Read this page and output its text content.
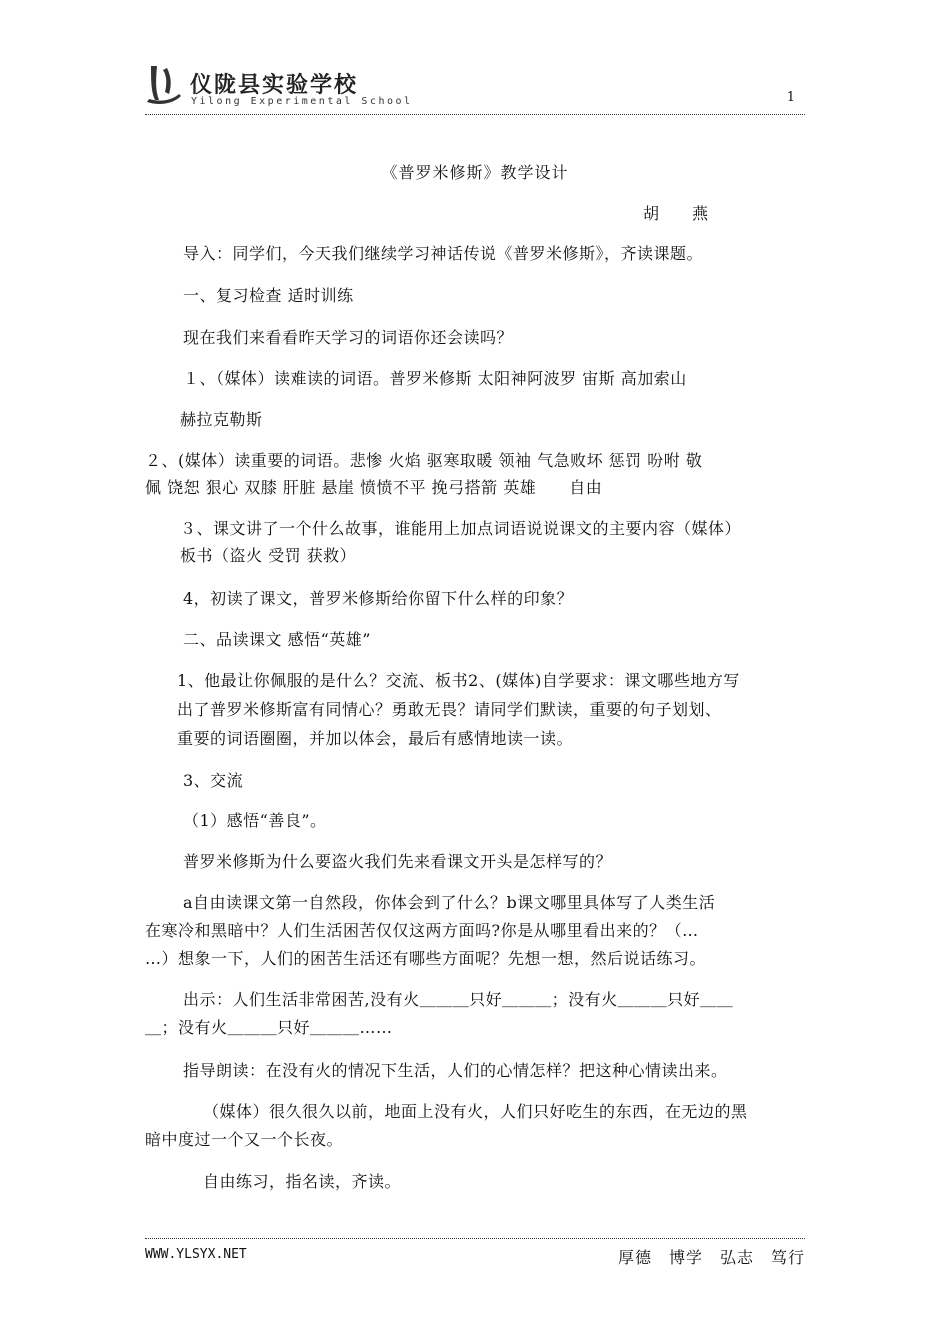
仪陇县实验学校
Yilong Experimental School	1
《普罗米修斯》教学设计
胡 燕
导入：同学们，今天我们继续学习神话传说《普罗米修斯》，齐读课题。
一、复习检查 适时训练
现在我们来看看昨天学习的词语你还会读吗？
１、（媒体）读难读的词语。普罗米修斯 太阳神阿波罗 宙斯 高加索山
赫拉克勒斯
２、(媒体）读重要的词语。悲惨 火焰 驱寒取暖 领袖 气急败坏 惩罚 吩咐 敬
佩 饶恕 狠心 双膝 肝脏 悬崖 愤愤不平 挽弓搭箭 英雄　　自由
３、课文讲了一个什么故事，谁能用上加点词语说说课文的主要内容（媒体）
板书（盗火 受罚 获救）
4，初读了课文，普罗米修斯给你留下什么样的印象？
二、品读课文 感悟“英雄”
1、他最让你佩服的是什么？交流、板书2、(媒体)自学要求：课文哪些地方写
出了普罗米修斯富有同情心？勇敢无畏？请同学们默读，重要的句子划划、
重要的词语圈圈，并加以体会，最后有感情地读一读。
3、交流
（1）感悟“善良”。
普罗米修斯为什么要盗火我们先来看课文开头是怎样写的？
a自由读课文第一自然段，你体会到了什么？b课文哪里具体写了人类生活
在寒冷和黑暗中？人们生活困苦仅仅这两方面吗?你是从哪里看出来的？（…
…）想象一下，人们的困苦生活还有哪些方面呢？先想一想，然后说话练习。
出示：人们生活非常困苦,没有火＿＿＿只好＿＿＿；没有火＿＿＿只好＿＿
＿；没有火＿＿＿只好＿＿＿……
指导朗读：在没有火的情况下生活，人们的心情怎样？把这种心情读出来。
（媒体）很久很久以前，地面上没有火，人们只好吃生的东西，在无边的黑
暗中度过一个又一个长夜。
自由练习，指名读，齐读。
WWW.YLSYX.NET	厚德　博学　弘志　笃行
